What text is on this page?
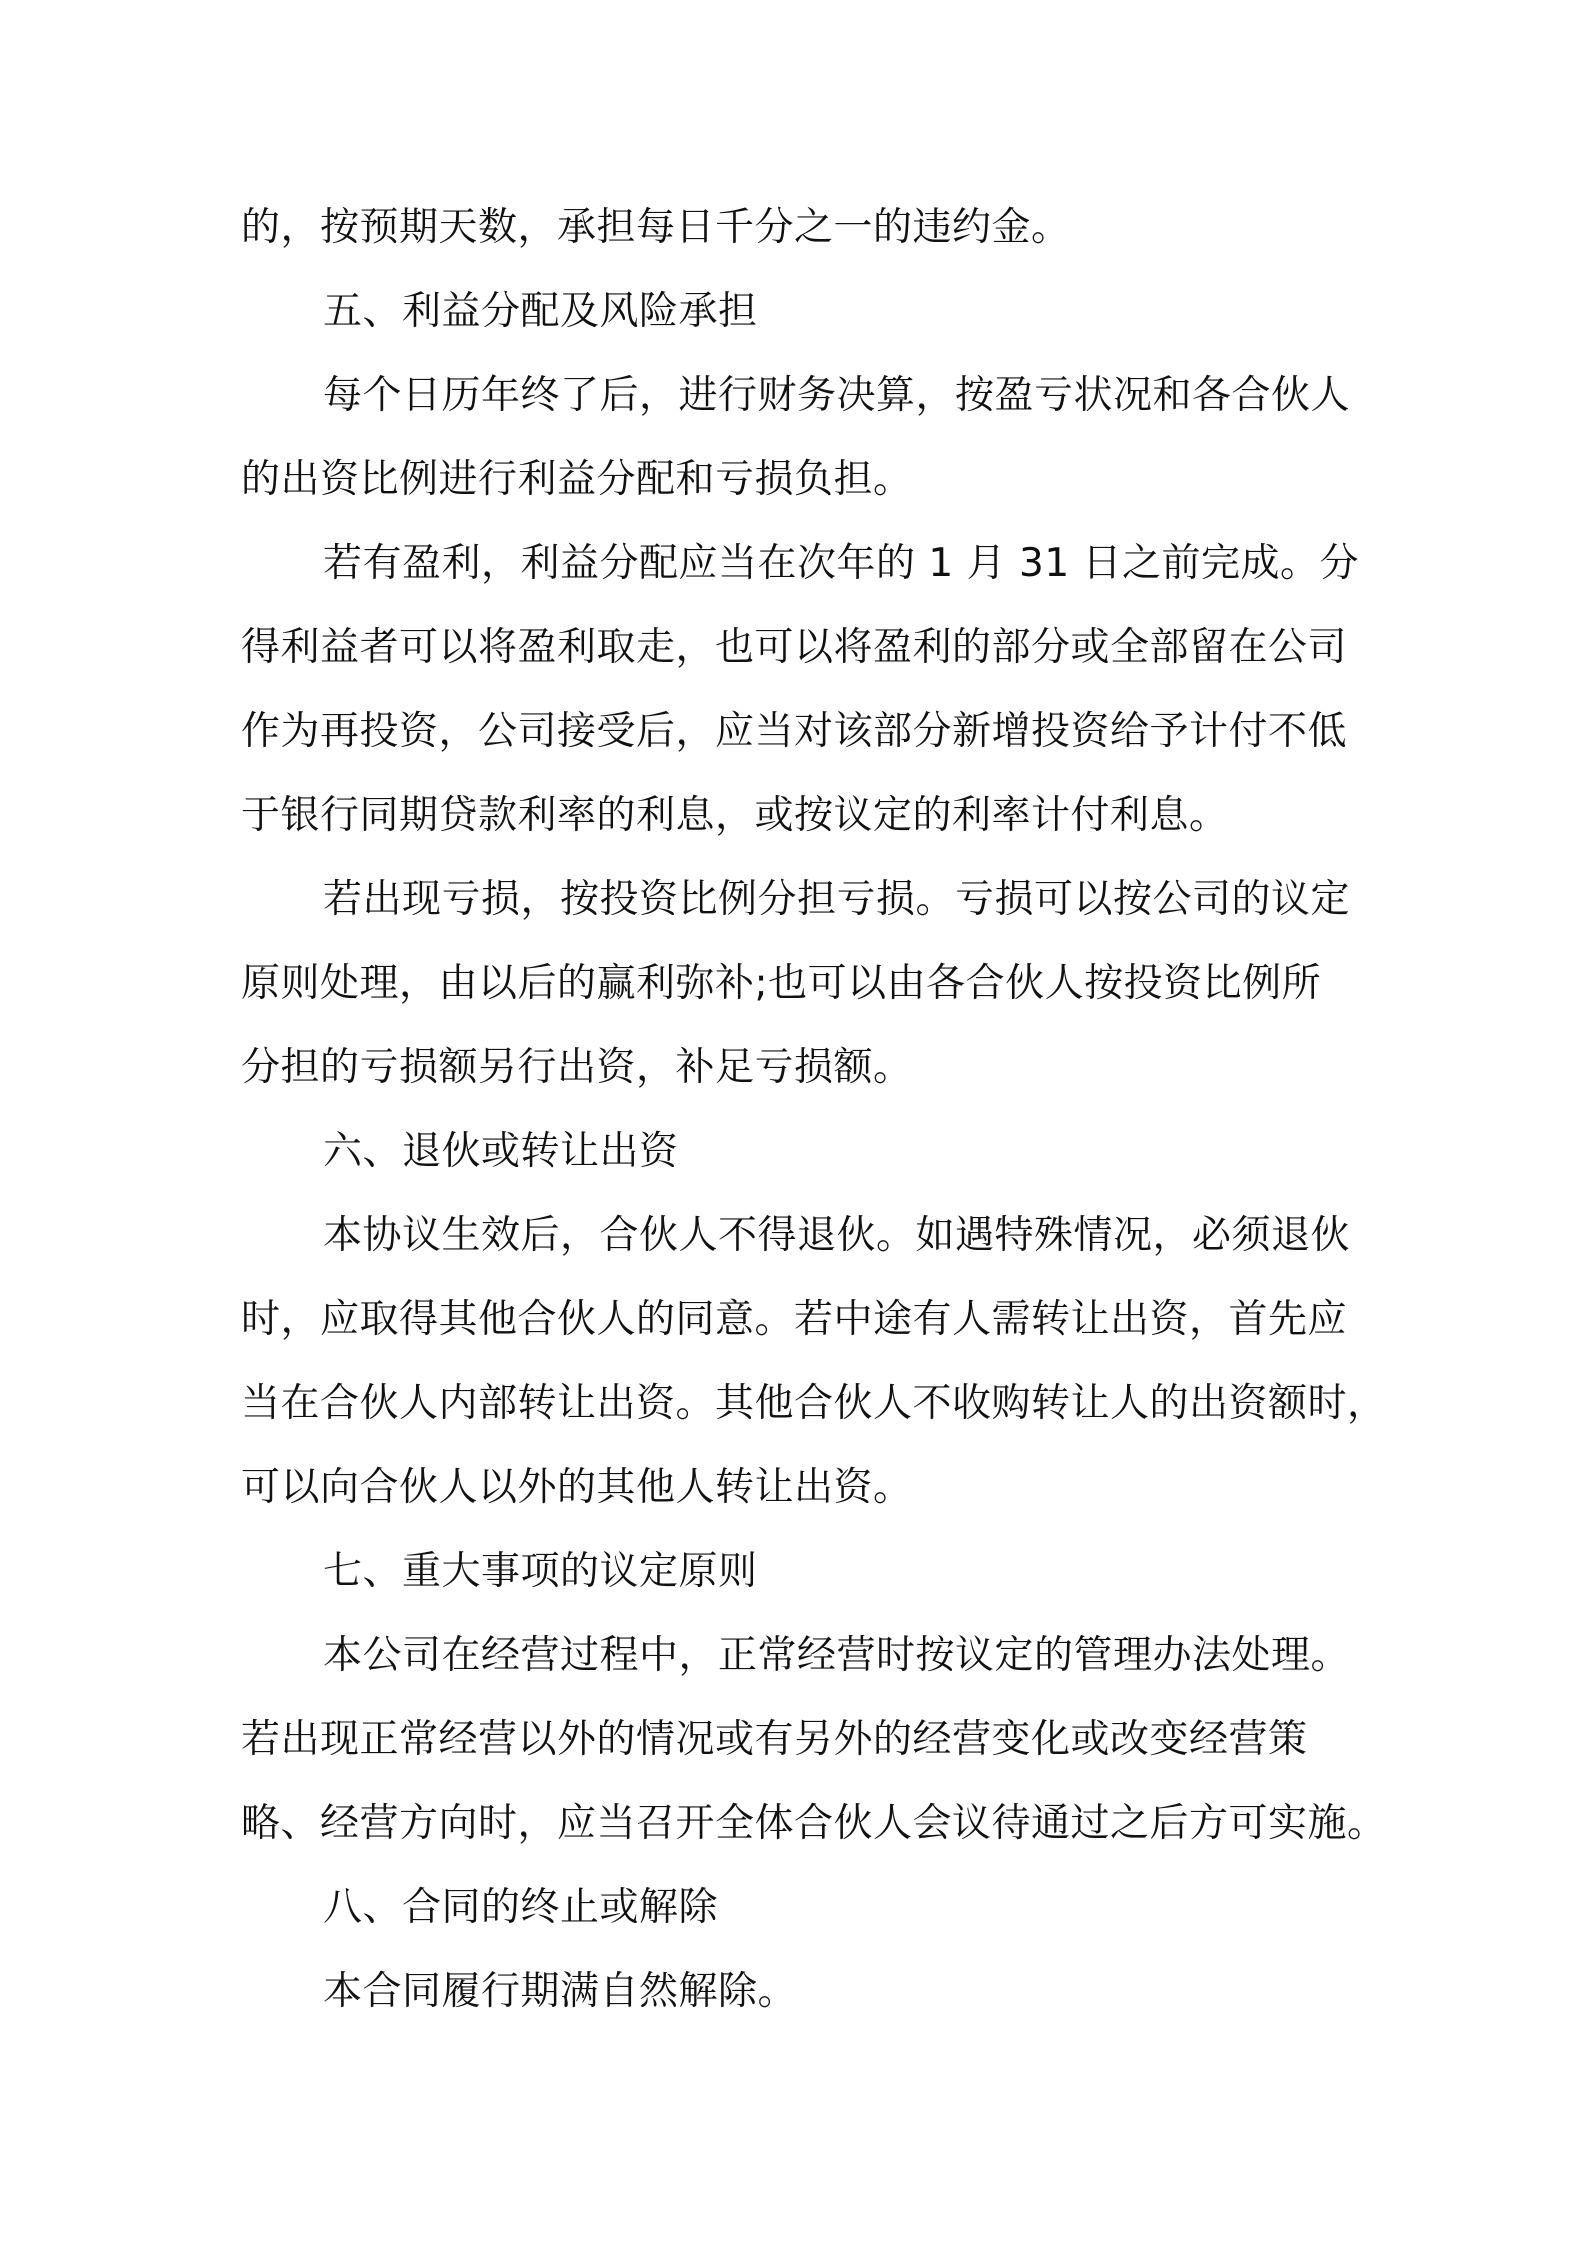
的，按预期天数，承担每日千分之一的违约金。
五、利益分配及风险承担
每个日历年终了后，进行财务决算，按盈亏状况和各合伙人
的出资比例进行利益分配和亏损负担。
若有盈利，利益分配应当在次年的 1 月 31 日之前完成。分
得利益者可以将盈利取走，也可以将盈利的部分或全部留在公司
作为再投资，公司接受后，应当对该部分新增投资给予计付不低
于银行同期贷款利率的利息，或按议定的利率计付利息。
若出现亏损，按投资比例分担亏损。亏损可以按公司的议定
原则处理，由以后的赢利弥补;也可以由各合伙人按投资比例所
分担的亏损额另行出资，补足亏损额。
六、退伙或转让出资
本协议生效后，合伙人不得退伙。如遇特殊情况，必须退伙
时，应取得其他合伙人的同意。若中途有人需转让出资，首先应
当在合伙人内部转让出资。其他合伙人不收购转让人的出资额时，
可以向合伙人以外的其他人转让出资。
七、重大事项的议定原则
本公司在经营过程中，正常经营时按议定的管理办法处理。
若出现正常经营以外的情况或有另外的经营变化或改变经营策
略、经营方向时，应当召开全体合伙人会议待通过之后方可实施。
八、合同的终止或解除
本合同履行期满自然解除。
